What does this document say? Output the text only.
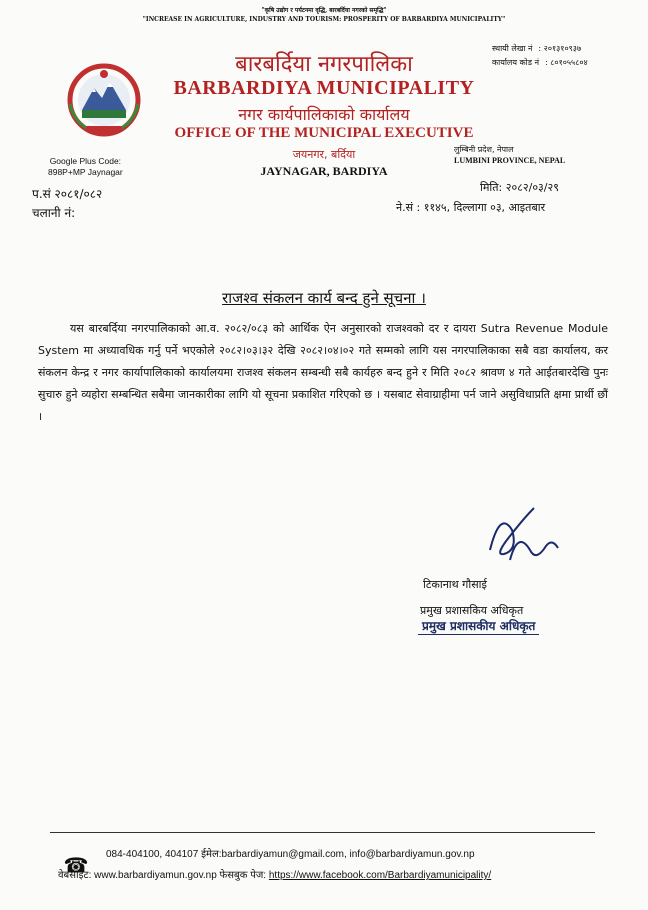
"कृषि उद्योग र पर्यटनमा वृद्धि, बारबर्दिया नगरको समृद्धि"
"INCREASE IN AGRICULTURE, INDUSTRY AND TOURISM: PROSPERITY OF BARBARDIYA MUNICIPALITY"
बारबर्दिया नगरपालिका
BARBARDIYA MUNICIPALITY
नगर कार्यपालिकाको कार्यालय
OFFICE OF THE MUNICIPAL EXECUTIVE
जयनगर, बर्दिया
JAYNAGAR, BARDIYA
स्थायी लेखा नं : २०१३१०९३७
कार्यालय कोड नं : ८०१०५५८०४
Google Plus Code:
898P+MP Jaynagar
लुम्बिनी प्रदेश, नेपाल
LUMBINI PROVINCE, NEPAL
मिति: २०८२/०३/२९
प.सं २०८१/०८२
चलानी नं:	ने.सं : ११४५, दिल्लागा ०३, आइतबार
राजश्व संकलन कार्य बन्द हुने सूचना ।
यस बारबर्दिया नगरपालिकाको आ.व. २०८२/०८३ को आर्थिक ऐन अनुसारको राजश्वको दर र दायरा Sutra Revenue Module System मा अध्यावधिक गर्नु पर्ने भएकोले २०८२।०३।३२ देखि २०८२।०४।०२ गते सम्मको लागि यस नगरपालिकाका सबै वडा कार्यालय, कर संकलन केन्द्र र नगर कार्यापालिकाको कार्यालयमा राजश्व संकलन सम्बन्धी सबै कार्यहरु बन्द हुने र मिति २०८२ श्रावण ४ गते आईतबारदेखि पुनः सुचारु हुने व्यहोरा सम्बन्धित सबैमा जानकारीका लागि यो सूचना प्रकाशित गरिएको छ । यसबाट सेवाग्राहीमा पर्न जाने असुविधाप्रति क्षमा प्रार्थी छौं ।
टिकानाथ गौसाई
प्रमुख प्रशासकिय अधिकृत
प्रमुख प्रशासकीय अधिकृत
☎ 084-404100, 404107 ईमेल:barbardiyamun@gmail.com, info@barbardiyamun.gov.np
वेबसाइट: www.barbardiyamun.gov.np फेसबुक पेज: https://www.facebook.com/Barbardiyamunicipality/
